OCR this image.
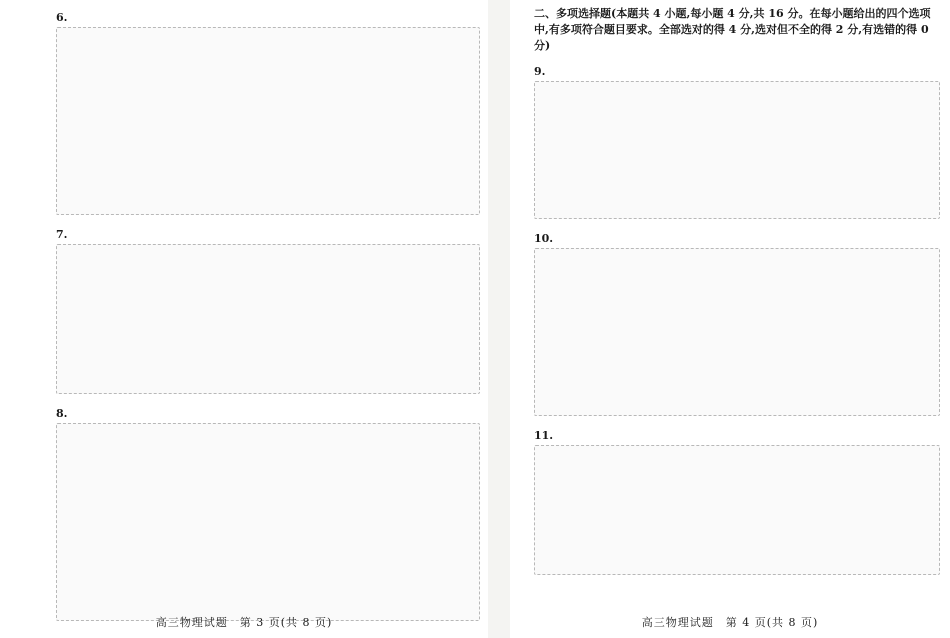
6.
7.
8.
高三物理试题　第 3 页(共 8 页)
二、多项选择题(本题共 4 小题,每小题 4 分,共 16 分。在每小题给出的四个选项中,有多项符合题目要求。全部选对的得 4 分,选对但不全的得 2 分,有选错的得 0 分)
9.
10.
11.
高三物理试题　第 4 页(共 8 页)
